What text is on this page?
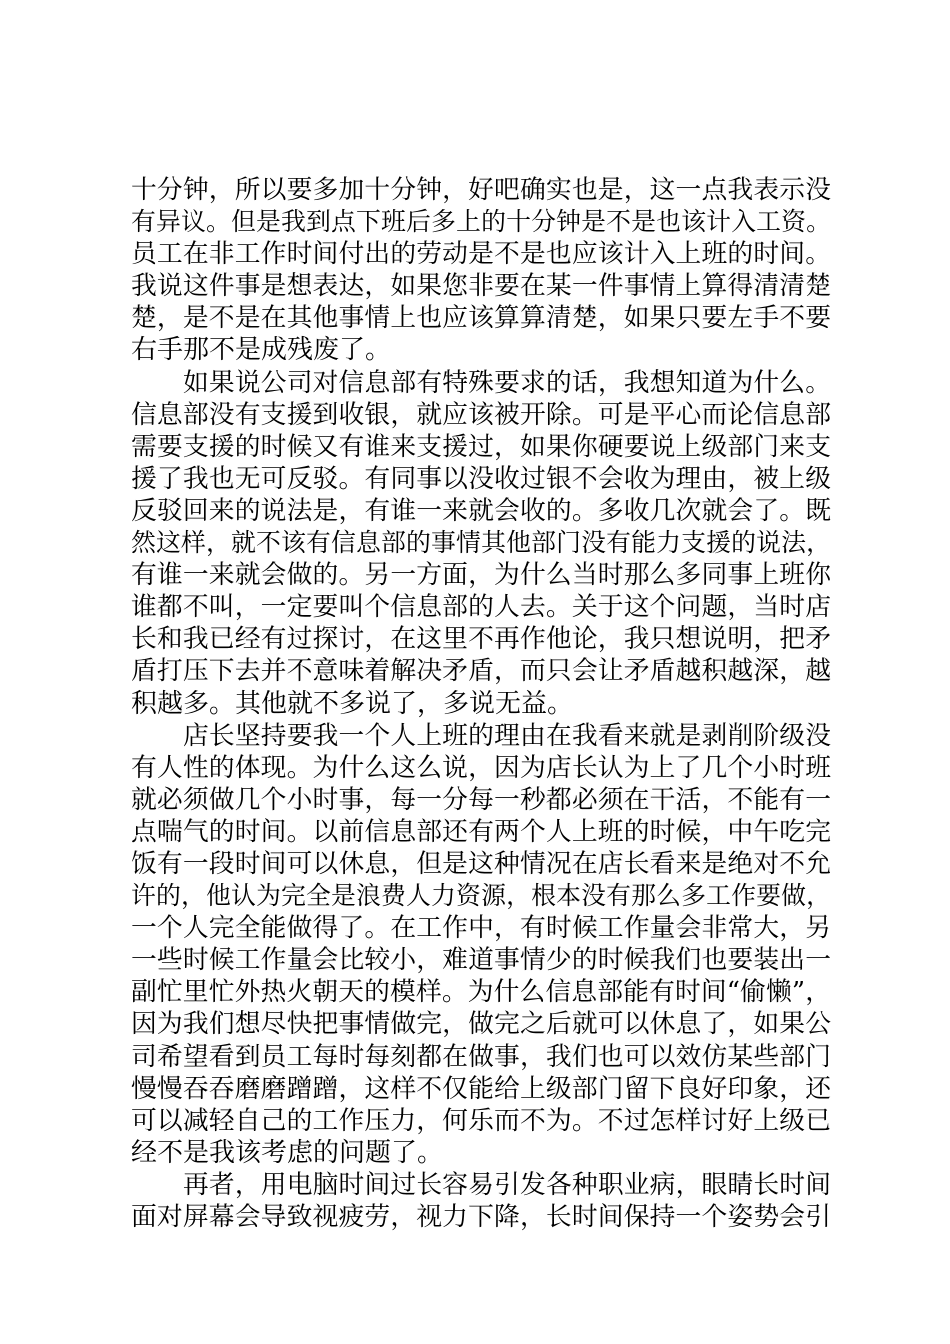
十分钟，所以要多加十分钟，好吧确实也是，这一点我表示没
有异议。但是我到点下班后多上的十分钟是不是也该计入工资。
员工在非工作时间付出的劳动是不是也应该计入上班的时间。
我说这件事是想表达，如果您非要在某一件事情上算得清清楚
楚，是不是在其他事情上也应该算算清楚，如果只要左手不要
右手那不是成残废了。
如果说公司对信息部有特殊要求的话，我想知道为什么。
信息部没有支援到收银，就应该被开除。可是平心而论信息部
需要支援的时候又有谁来支援过，如果你硬要说上级部门来支
援了我也无可反驳。有同事以没收过银不会收为理由，被上级
反驳回来的说法是，有谁一来就会收的。多收几次就会了。既
然这样，就不该有信息部的事情其他部门没有能力支援的说法，
有谁一来就会做的。另一方面，为什么当时那么多同事上班你
谁都不叫，一定要叫个信息部的人去。关于这个问题，当时店
长和我已经有过探讨，在这里不再作他论，我只想说明，把矛
盾打压下去并不意味着解决矛盾，而只会让矛盾越积越深，越
积越多。其他就不多说了，多说无益。
店长坚持要我一个人上班的理由在我看来就是剥削阶级没
有人性的体现。为什么这么说，因为店长认为上了几个小时班
就必须做几个小时事，每一分每一秒都必须在干活，不能有一
点喘气的时间。以前信息部还有两个人上班的时候，中午吃完
饭有一段时间可以休息，但是这种情况在店长看来是绝对不允
许的，他认为完全是浪费人力资源，根本没有那么多工作要做，
一个人完全能做得了。在工作中，有时候工作量会非常大，另
一些时候工作量会比较小，难道事情少的时候我们也要装出一
副忙里忙外热火朝天的模样。为什么信息部能有时间“偷懒”，
因为我们想尽快把事情做完，做完之后就可以休息了，如果公
司希望看到员工每时每刻都在做事，我们也可以效仿某些部门
慢慢吞吞磨磨蹭蹭，这样不仅能给上级部门留下良好印象，还
可以减轻自己的工作压力，何乐而不为。不过怎样讨好上级已
经不是我该考虑的问题了。
再者，用电脑时间过长容易引发各种职业病，眼睛长时间
面对屏幕会导致视疲劳，视力下降，长时间保持一个姿势会引
